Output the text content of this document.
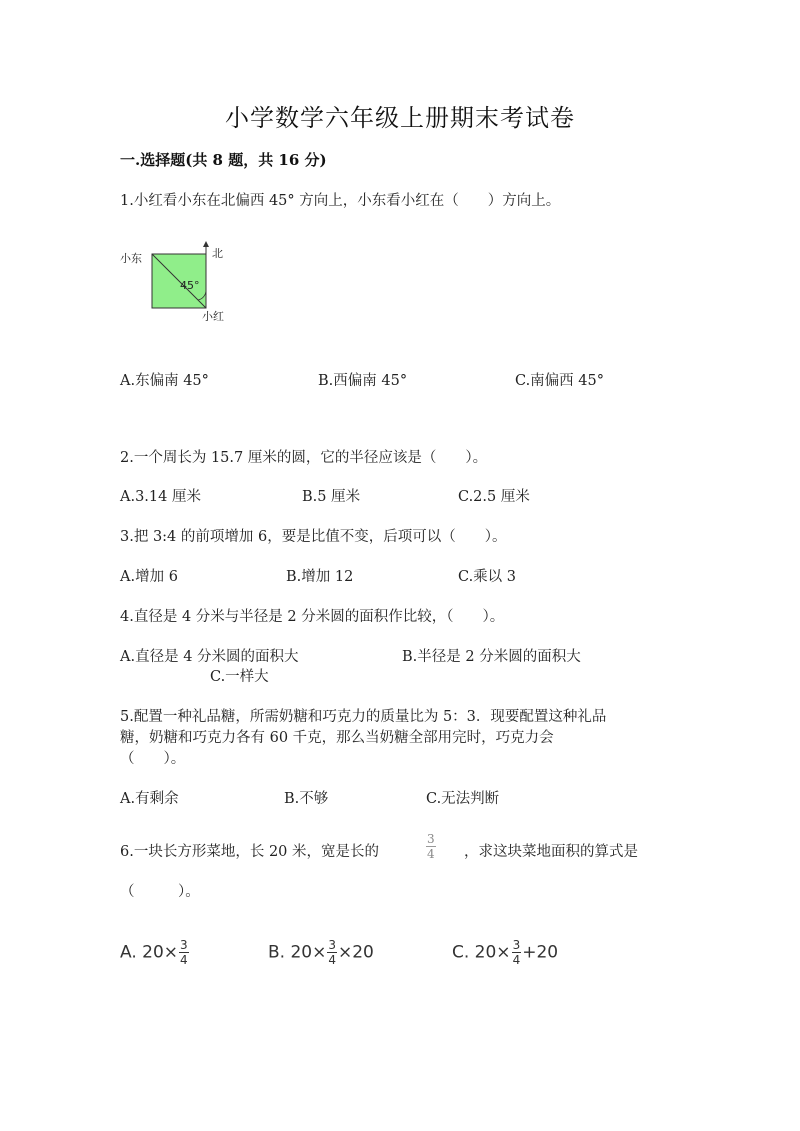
小学数学六年级上册期末考试卷
一.选择题(共 8 题，共 16 分)
1.小红看小东在北偏西 45° 方向上，小东看小红在（　　）方向上。
小东	北
45°
小红
A.东偏南 45°	B.西偏南 45°	C.南偏西 45°
2.一个周长为 15.7 厘米的圆，它的半径应该是（　　）。
A.3.14 厘米	B.5 厘米	C.2.5 厘米
3.把 3:4 的前项增加 6，要是比值不变，后项可以（　　）。
A.增加 6	B.增加 12	C.乘以 3
4.直径是 4 分米与半径是 2 分米圆的面积作比较，（　　）。
A.直径是 4 分米圆的面积大	B.半径是 2 分米圆的面积大
C.一样大
5.配置一种礼品糖，所需奶糖和巧克力的质量比为 5：3．现要配置这种礼品
糖，奶糖和巧克力各有 60 千克，那么当奶糖全部用完时，巧克力会
（　　）。
A.有剩余	B.不够	C.无法判断
6.一块长方形菜地，长 20 米，宽是长的	$\frac{3}{4}$ ，求这块菜地面积的算式是
（　　　）。
A. $20\times \frac{3}{4}$	B. $20\times \frac{3}{4} \times 20$	C. $20\times \frac{3}{4} +20$
